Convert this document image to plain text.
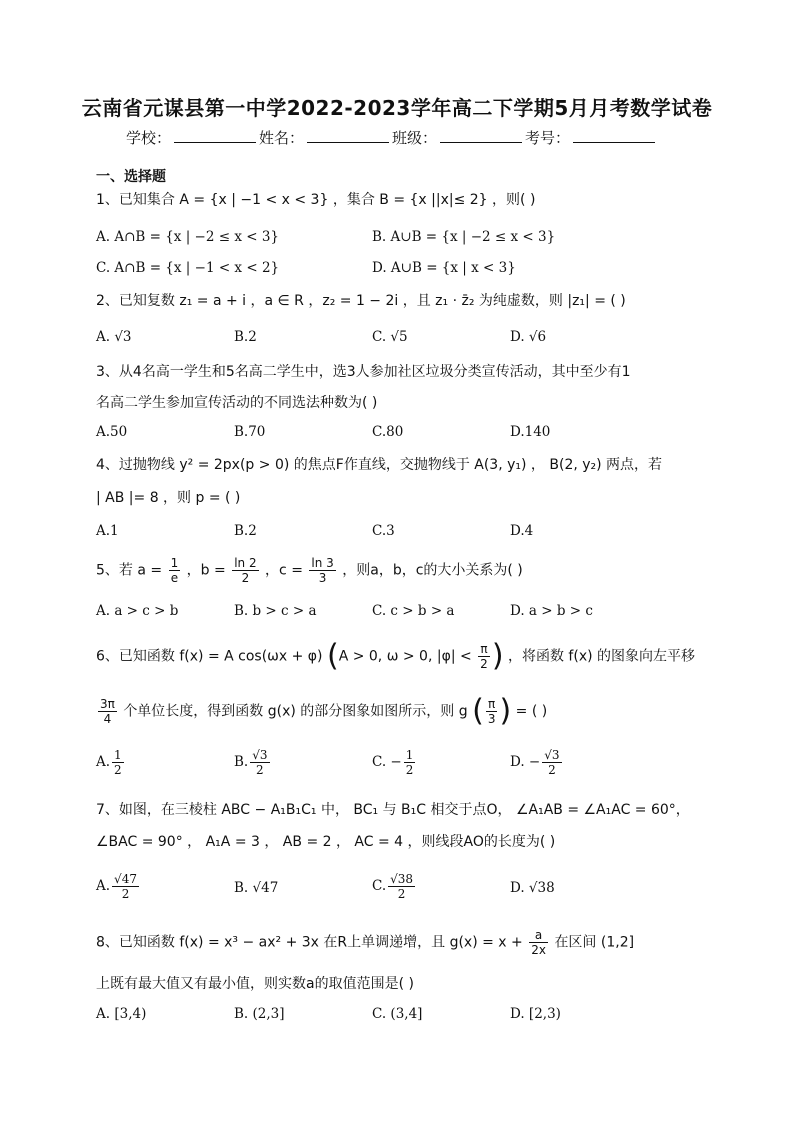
云南省元谋县第一中学2022-2023学年高二下学期5月月考数学试卷
学校：	姓名：	班级：	考号：
一、选择题
1、已知集合 A = {x | −1 < x < 3} ，集合 B = {x ||x|≤ 2} ，则( )
A. A∩B = {x | −2 ≤ x < 3}	B. A∪B = {x | −2 ≤ x < 3}
C. A∩B = {x | −1 < x < 2}	D. A∪B = {x | x < 3}
2、已知复数 z₁ = a + i ，a ∈ R ，z₂ = 1 − 2i ，且 z₁ · z̄₂ 为纯虚数，则 |z₁| = ( )
A. √3	B.2	C. √5	D. √6
3、从4名高一学生和5名高二学生中，选3人参加社区垃圾分类宣传活动，其中至少有1
名高二学生参加宣传活动的不同选法种数为( )
A.50	B.70	C.80	D.140
4、过抛物线 y² = 2px(p > 0) 的焦点F作直线，交抛物线于 A(3, y₁) ， B(2, y₂) 两点，若
| AB |= 8 ，则 p = ( )
A.1	B.2	C.3	D.4
5、若 $a = \frac{1}{e}$ ，$b = \frac{\ln 2}{2}$ ，$c = \frac{\ln 3}{3}$ ，则a，b，c的大小关系为( )
A. a > c > b	B. b > c > a	C. c > b > a	D. a > b > c
6、已知函数 f(x) = A cos(ωx + φ) (A > 0, ω > 0, $|\varphi| < \frac{\pi}{2}$ ) ，将函数 f(x) 的图象向左平移
$\frac{3\pi}{4}$ 个单位长度，得到函数 g(x) 的部分图象如图所示，则 g ( $\frac{\pi}{3}$ ) = ( )
A. $\frac{1}{2}$	B. $\frac{√3}{2}$	C. − $\frac{1}{2}$	D. − $\frac{√3}{2}$
7、如图，在三棱柱 ABC − A₁B₁C₁ 中， BC₁ 与 B₁C 相交于点O， ∠A₁AB = ∠A₁AC = 60°，
∠BAC = 90° ， A₁A = 3 ， AB = 2 ， AC = 4 ，则线段AO的长度为( )
A. $\frac{√47}{2}$	B. √47	C. $\frac{√38}{2}$	D. √38
8、已知函数 f(x) = x³ − ax² + 3x 在R上单调递增，且 $g(x) = x + \frac{a}{2x}$ 在区间 (1,2]
上既有最大值又有最小值，则实数a的取值范围是( )
A. [3,4)	B. (2,3]	C. (3,4]	D. [2,3)
